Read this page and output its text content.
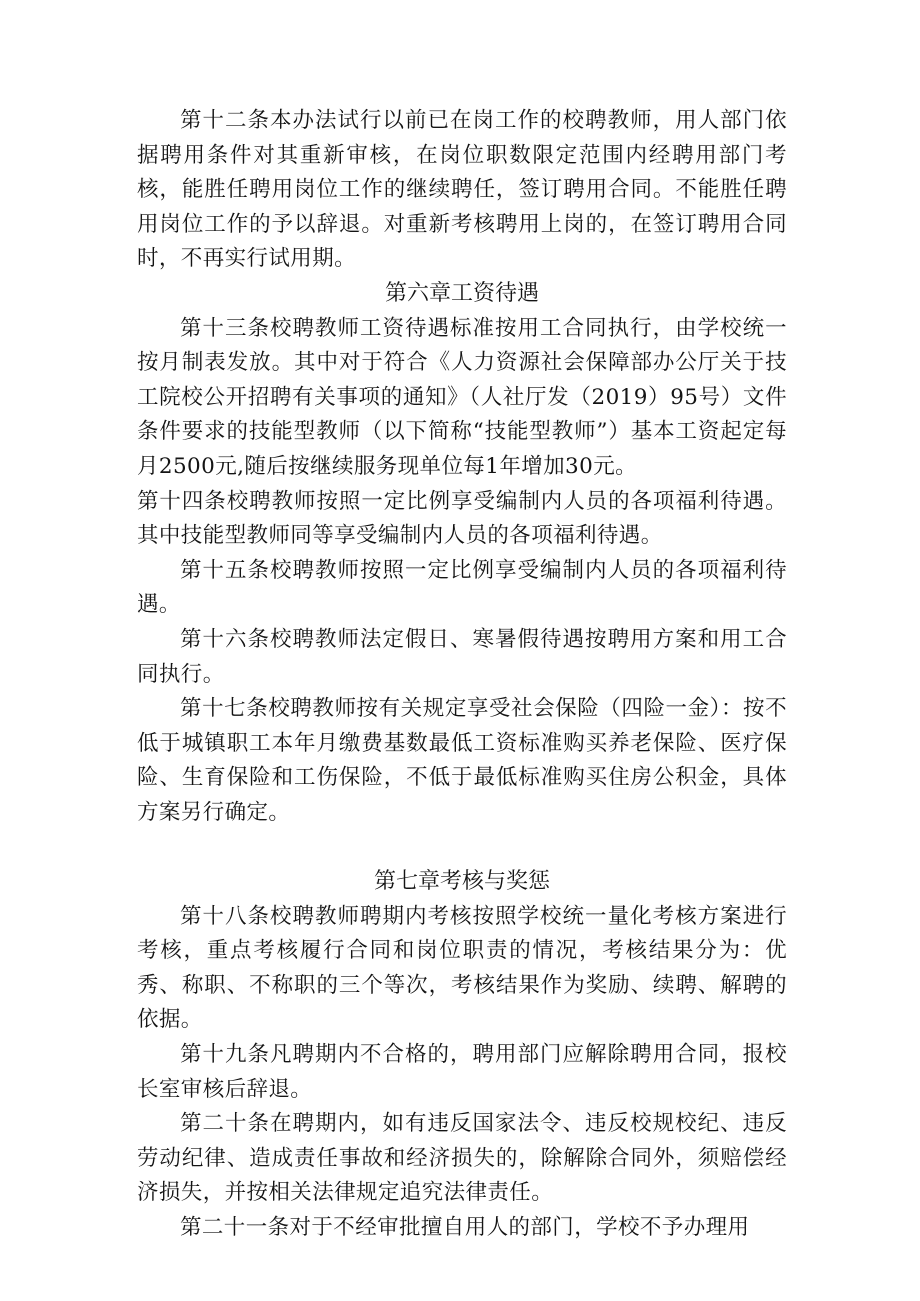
第十二条本办法试行以前已在岗工作的校聘教师，用人部门依据聘用条件对其重新审核，在岗位职数限定范围内经聘用部门考核，能胜任聘用岗位工作的继续聘任，签订聘用合同。不能胜任聘用岗位工作的予以辞退。对重新考核聘用上岗的，在签订聘用合同时，不再实行试用期。

第六章工资待遇

第十三条校聘教师工资待遇标准按用工合同执行，由学校统一按月制表发放。其中对于符合《人力资源社会保障部办公厅关于技工院校公开招聘有关事项的通知》（人社厅发（2019）95号）文件条件要求的技能型教师（以下简称“技能型教师”）基本工资起定每月2500元,随后按继续服务现单位每1年增加30元。

第十四条校聘教师按照一定比例享受编制内人员的各项福利待遇。其中技能型教师同等享受编制内人员的各项福利待遇。

第十五条校聘教师按照一定比例享受编制内人员的各项福利待遇。

第十六条校聘教师法定假日、寒暑假待遇按聘用方案和用工合同执行。

第十七条校聘教师按有关规定享受社会保险（四险一金）：按不低于城镇职工本年月缴费基数最低工资标准购买养老保险、医疗保险、生育保险和工伤保险，不低于最低标准购买住房公积金，具体方案另行确定。

第七章考核与奖惩

第十八条校聘教师聘期内考核按照学校统一量化考核方案进行考核，重点考核履行合同和岗位职责的情况，考核结果分为：优秀、称职、不称职的三个等次，考核结果作为奖励、续聘、解聘的依据。

第十九条凡聘期内不合格的，聘用部门应解除聘用合同，报校长室审核后辞退。

第二十条在聘期内，如有违反国家法令、违反校规校纪、违反劳动纪律、造成责任事故和经济损失的，除解除合同外，须赔偿经济损失，并按相关法律规定追究法律责任。

第二十一条对于不经审批擅自用人的部门，学校不予办理用
